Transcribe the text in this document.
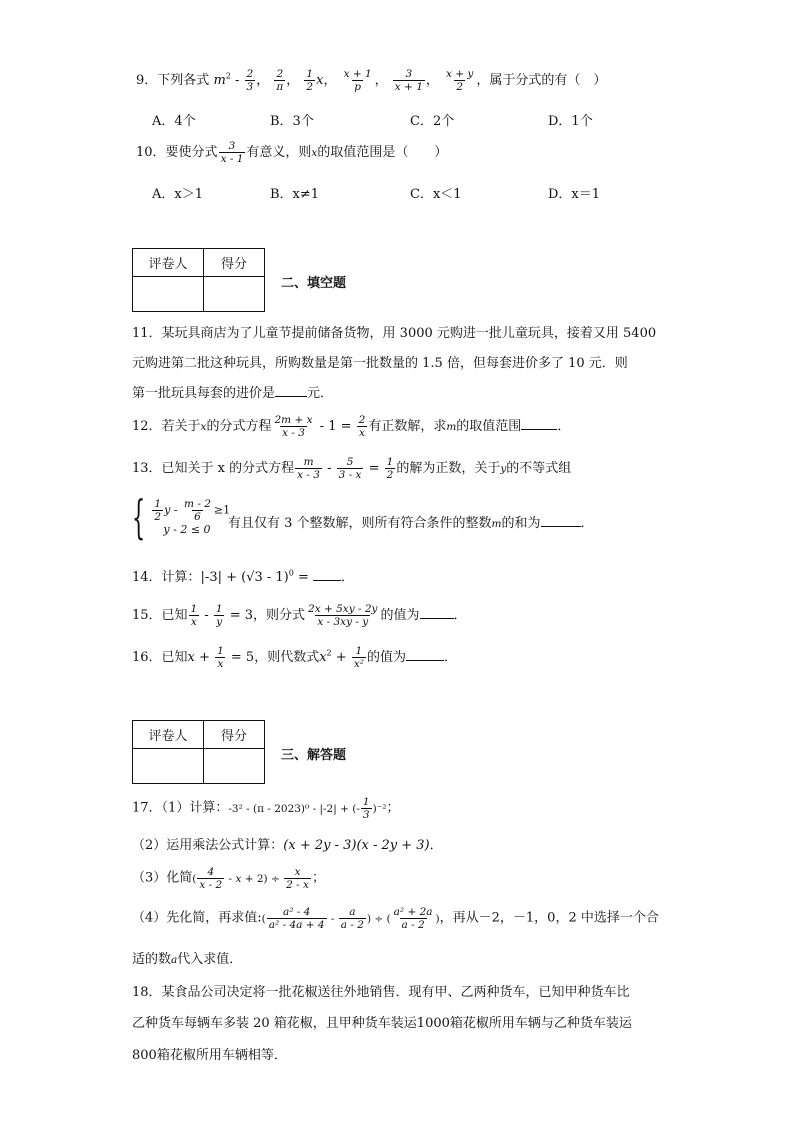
9．下列各式 $m^2 - \frac{2}{3}$ ， $\frac{2}{\pi}$ ， $\frac{1}{2}$ x， $\frac{x + 1}{p}$ ， $\frac{3}{x + 1}$ ， $\frac{x + y}{2}$ ，属于分式的有（　）
A．4个	B．3个	C．2个	D．1个
10．要使分式 $\frac{3}{x - 1}$ 有意义，则x的取值范围是（　　）
A．x＞1	B．x≠1	C．x＜1	D．x＝1
评卷人	得分
二、填空题
11．某玩具商店为了儿童节提前储备货物，用 3000 元购进一批儿童玩具，接着又用 5400
元购进第二批这种玩具，所购数量是第一批数量的 1.5 倍，但每套进价多了 10 元．则
第一批玩具每套的进价是 元．
12．若关于x的分式方程 $\frac{2m + x}{x - 3} - 1 = \frac{2}{x}$ 有正数解，求m的取值范围	．
13．已知关于 x 的分式方程 $\frac{m}{x - 3} - \frac{5}{3 - x} = \frac{1}{2}$ 的解为正数，关于y的不等式组
{ $\frac{1}{2}$ $y - \frac{m - 2}{6} \ge 1$
y - 2 ≤ 0	有且仅有 3 个整数解，则所有符合条件的整数m的和为	．
14．计算：|-3| + (√3 - 1)$^0$ = ．
15．已知 $\frac{1}{x} - \frac{1}{y} = 3$，则分式 $\frac{2x + 5xy - 2y}{x - 3xy - y}$ 的值为	．
16．已知$x + \frac{1}{x} = 5$，则代数式$x^2 + \frac{1}{\text{x²}}$ 的值为	．
评卷人	得分
三、解答题
17．（1）计算：-3² - (π - 2023)⁰ - |-2| + (- $\frac{1}{3} )^{-2}$；
（2）运用乘法公式计算：(x + 2y - 3)(x - 2y + 3)．
（3）化简( $\frac{4}{x - 2} - x + 2) \div \frac{x}{2 - x}$ ；
（4）先化简，再求值:( $\frac{\text{a² - 4}}{\text{a² - 4a + 4}} - \frac{a}{a - 2}$ ) ÷ ( $\frac{\text{a² + 2a}}{a - 2}$ )，再从－2，－1，0，2 中选择一个合
适的数a代入求值．
18．某食品公司决定将一批花椒送往外地销售．现有甲、乙两种货车，已知甲种货车比
乙种货车每辆车多装 20 箱花椒，且甲种货车装运1000箱花椒所用车辆与乙种货车装运
800箱花椒所用车辆相等．
